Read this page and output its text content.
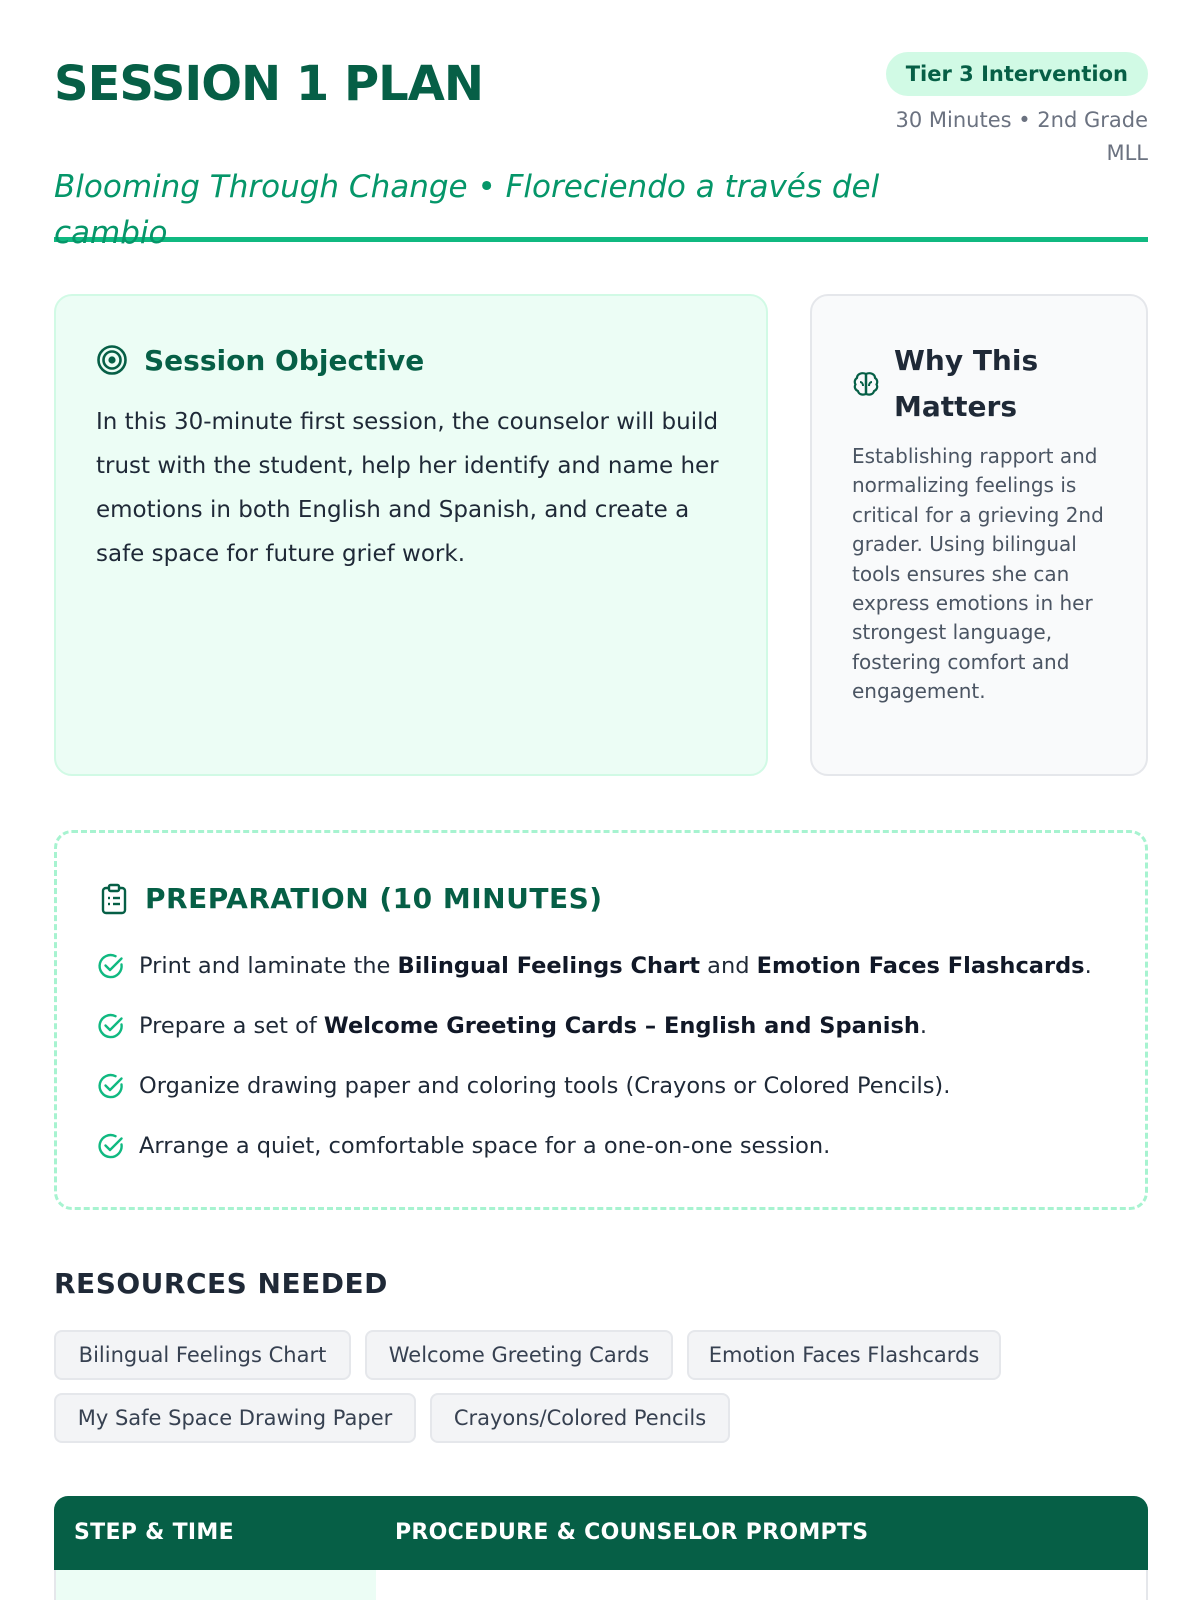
SESSION 1 PLAN
Blooming Through Change • Floreciendo a través del cambio
Tier 3 Intervention
30 Minutes • 2nd Grade MLL
Session Objective

In this 30-minute first session, the counselor will build trust with the student, help her identify and name her emotions in both English and Spanish, and create a safe space for future grief work.

Why This Matters

Establishing rapport and normalizing feelings is critical for a grieving 2nd grader. Using bilingual tools ensures she can express emotions in her strongest language, fostering comfort and engagement.

PREPARATION (10 MINUTES)
Print and laminate the Bilingual Feelings Chart and Emotion Faces Flashcards.
Prepare a set of Welcome Greeting Cards – English and Spanish.
Organize drawing paper and coloring tools (Crayons or Colored Pencils).
Arrange a quiet, comfortable space for a one-on-one session.
RESOURCES NEEDED
Bilingual Feelings Chart	Welcome Greeting Cards	Emotion Faces Flashcards
My Safe Space Drawing Paper	Crayons/Colored Pencils
STEP & TIME	PROCEDURE & COUNSELOR PROMPTS
